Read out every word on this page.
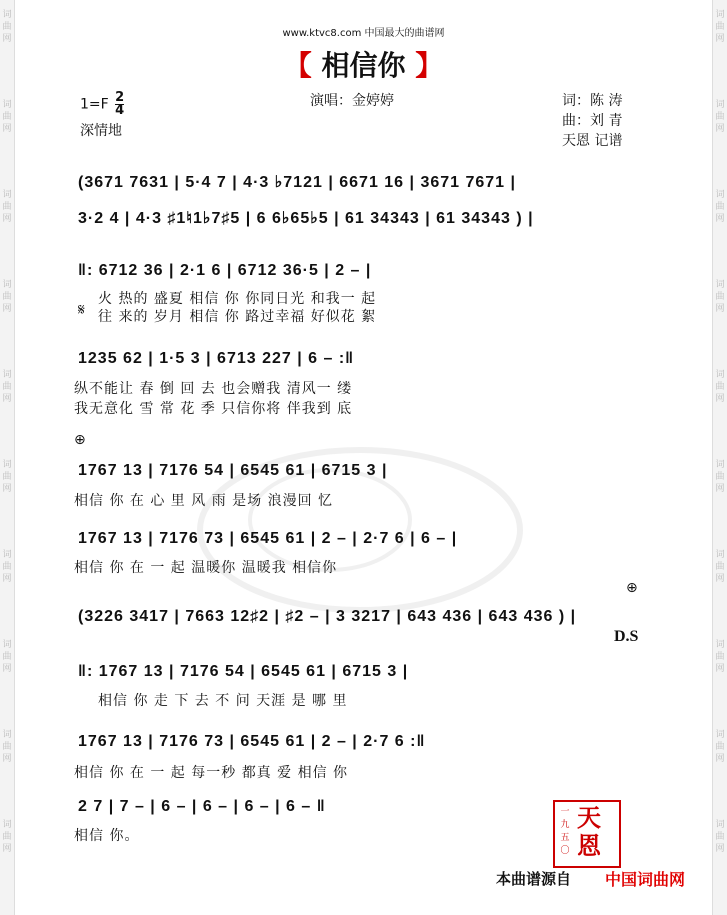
词
曲
网
词
曲
网
词
曲
网
词
曲
网
词
曲
网
词
曲
网
词
曲
网
词
曲
网
词
曲
网
词
曲
网
词
曲
网
词
曲
网
词
曲
网
词
曲
网
词
曲
网
词
曲
网
词
曲
网
词
曲
网
词
曲
网
词
曲
网
www.ktvc8.com 中国最大的曲谱网
【 相信你 】
$1=F \frac{2}{4}$
深情地
演唱：金婷婷	词：陈 涛
曲：刘 青
天恩 记谱
(3671 7631 | 5·4 7 | 4·3 ♭7121 | 6671 16 | 3671 7671 |
3·2 4 | 4·3 ♯1♮1♭7♯5 | 6 6♭65♭5 | 61 34343 | 61 34343 ) |
‖: 6712 36 | 2·1 6 | 6712 36·5 | 2 – |
1235 62 | 1·5 3 | 6713 227 | 6 – :‖
1767 13 | 7176 54 | 6545 61 | 6715 3 |
1767 13 | 7176 73 | 6545 61 | 2 – | 2·7 6 | 6 – |
(3226 3417 | 7663 12♯2 | ♯2 – | 3 3217 | 643 436 | 643 436 ) |
‖: 1767 13 | 7176 54 | 6545 61 | 6715 3 |
1767 13 | 7176 73 | 6545 61 | 2 – | 2·7 6 :‖
2 7 | 7 – | 6 – | 6 – | 6 – | 6 – ‖
火 热的 盛夏 相信 你 你同日光 和我一 起
往 来的 岁月 相信 你 路过幸福 好似花 絮
纵不能让 春 倒 回 去 也会赠我 清风一 缕
我无意化 雪 常 花 季 只信你将 伴我到 底
相信 你 在 心 里 风 雨 是场 浪漫回 忆
相信 你 在 一 起 温暖你 温暖我 相信你
相信 你 走 下 去 不 问 天涯 是 哪 里
相信 你 在 一 起 每一秒 都真 爱 相信 你
相信 你。
𝄋
⊕
⊕
D.S
一
九
五
〇
天
恩
本曲谱源自 中国词曲网
